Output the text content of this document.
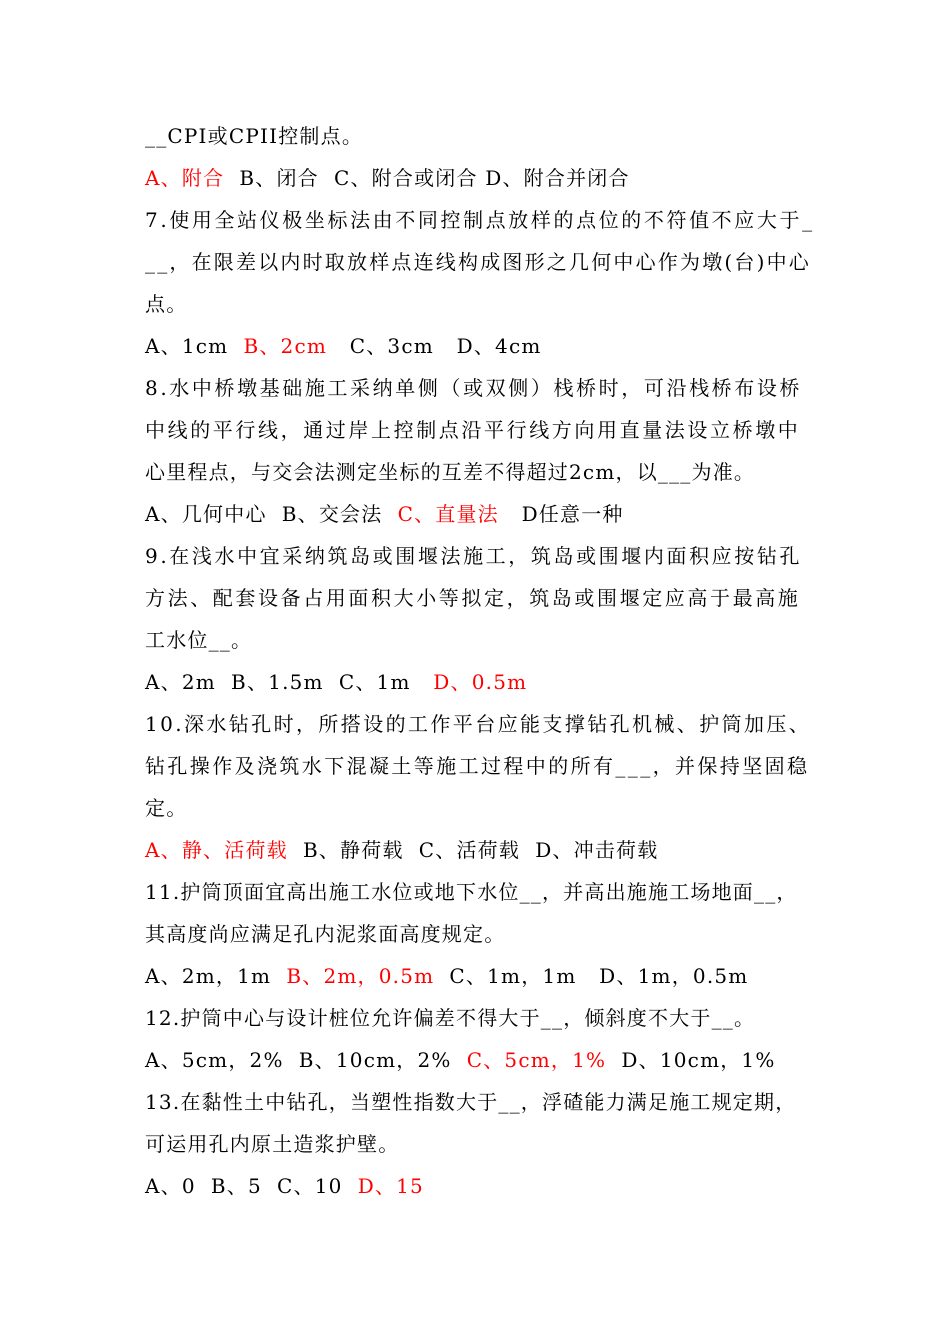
__CPI或CPII控制点。
A、附合  B、闭合  C、附合或闭合 D、附合并闭合
7.使用全站仪极坐标法由不同控制点放样的点位的不符值不应大于_
__，在限差以内时取放样点连线构成图形之几何中心作为墩(台)中心
点。
A、1cm  B、2cm   C、3cm   D、4cm
8.水中桥墩基础施工采纳单侧（或双侧）栈桥时，可沿栈桥布设桥
中线的平行线，通过岸上控制点沿平行线方向用直量法设立桥墩中
心里程点，与交会法测定坐标的互差不得超过2cm，以___为准。
A、几何中心  B、交会法  C、直量法   D任意一种
9.在浅水中宜采纳筑岛或围堰法施工，筑岛或围堰内面积应按钻孔
方法、配套设备占用面积大小等拟定，筑岛或围堰定应高于最高施
工水位__。
A、2m  B、1.5m  C、1m   D、0.5m
10.深水钻孔时，所搭设的工作平台应能支撑钻孔机械、护筒加压、
钻孔操作及浇筑水下混凝土等施工过程中的所有___，并保持坚固稳
定。
A、静、活荷载  B、静荷载  C、活荷载  D、冲击荷载
11.护筒顶面宜高出施工水位或地下水位__，并高出施施工场地面__，
其高度尚应满足孔内泥浆面高度规定。
A、2m，1m  B、2m，0.5m  C、1m，1m   D、1m，0.5m
12.护筒中心与设计桩位允许偏差不得大于__，倾斜度不大于__。
A、5cm，2%  B、10cm，2%  C、5cm，1%  D、10cm，1%
13.在黏性土中钻孔，当塑性指数大于__，浮碴能力满足施工规定期，
可运用孔内原土造浆护壁。
A、0  B、5  C、10  D、15
